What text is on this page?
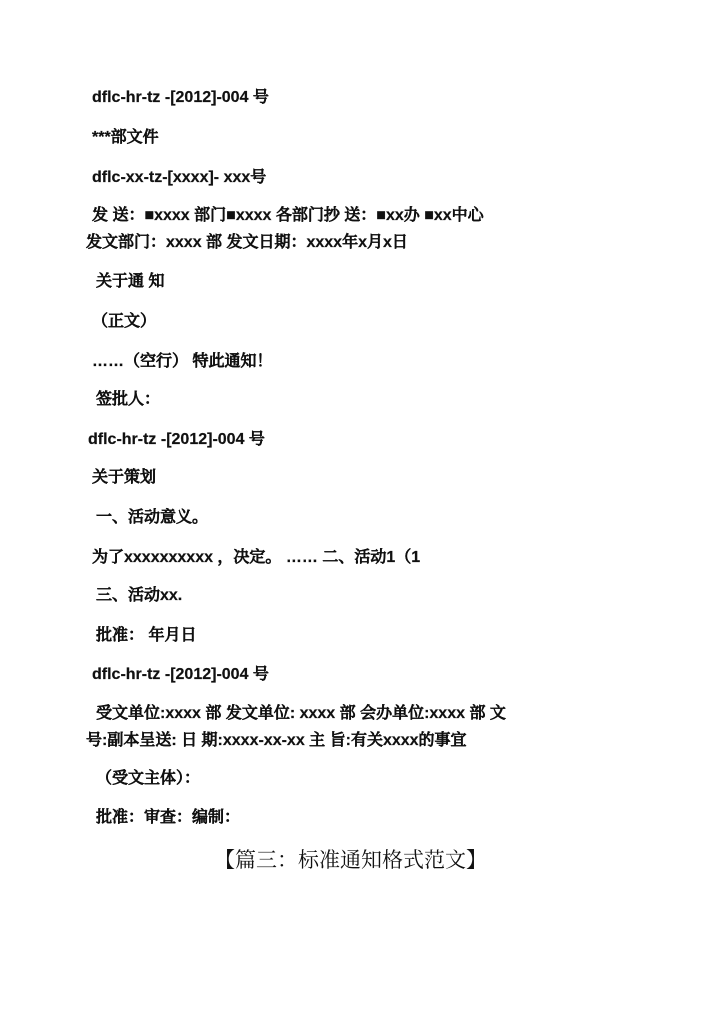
dflc-hr-tz -[2012]-004 号
***部文件
dflc-xx-tz-[xxxx]- xxx号
发 送：■xxxx 部门■xxxx 各部门抄 送：■xx办 ■xx中心
发文部门：xxxx 部 发文日期：xxxx年x月x日
关于通 知
（正文）
……（空行） 特此通知！
签批人：
dflc-hr-tz -[2012]-004 号
关于策划
一、活动意义。
为了xxxxxxxxxx ，决定。 …… 二、活动1（1
三、活动xx.
批准： 年月日
dflc-hr-tz -[2012]-004 号
受文单位:xxxx 部 发文单位: xxxx 部 会办单位:xxxx 部 文
号:副本呈送: 日 期:xxxx-xx-xx 主 旨:有关xxxx的事宜
（受文主体）：
批准：审查：编制：
【篇三：标准通知格式范文】
